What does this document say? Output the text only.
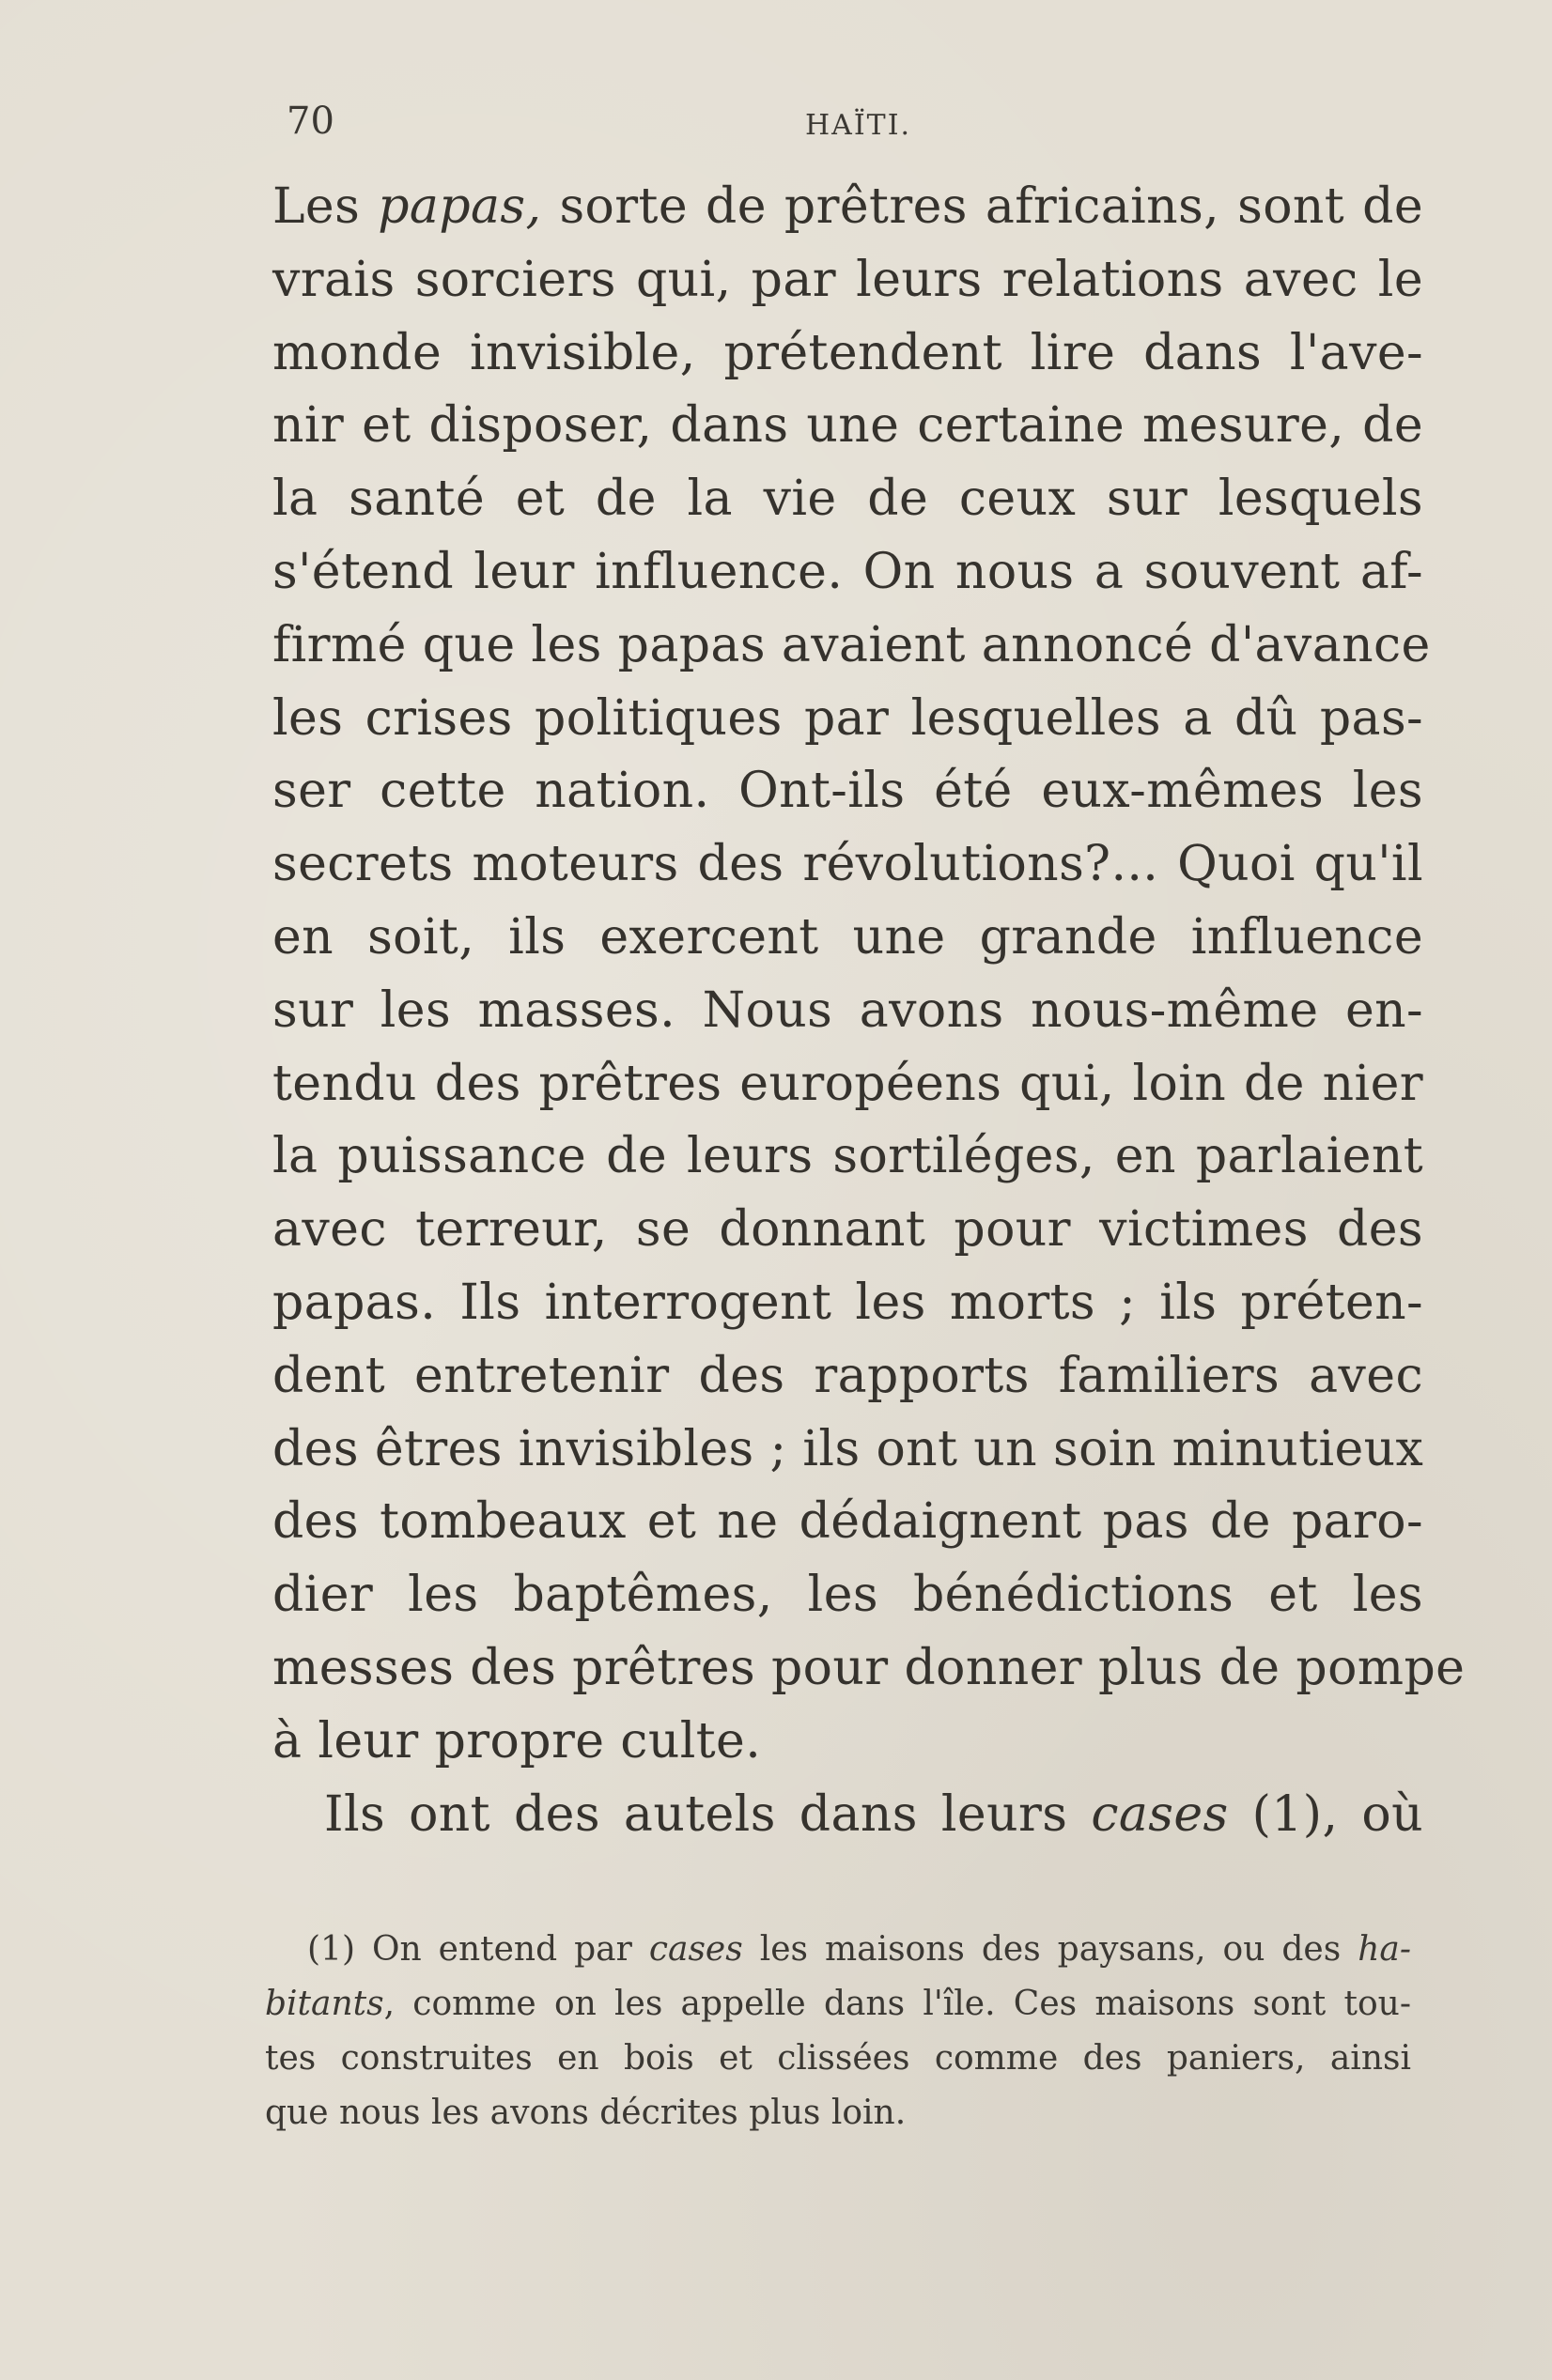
70	HAÏTI.
Les papas, sorte de prêtres africains, sont de
vrais sorciers qui, par leurs relations avec le
monde invisible, prétendent lire dans l'ave-
nir et disposer, dans une certaine mesure, de
la santé et de la vie de ceux sur lesquels
s'étend leur influence. On nous a souvent af-
firmé que les papas avaient annoncé d'avance
les crises politiques par lesquelles a dû pas-
ser cette nation. Ont-ils été eux-mêmes les
secrets moteurs des révolutions?... Quoi qu'il
en soit, ils exercent une grande influence
sur les masses. Nous avons nous-même en-
tendu des prêtres européens qui, loin de nier
la puissance de leurs sortiléges, en parlaient
avec terreur, se donnant pour victimes des
papas. Ils interrogent les morts ; ils préten-
dent entretenir des rapports familiers avec
des êtres invisibles ; ils ont un soin minutieux
des tombeaux et ne dédaignent pas de paro-
dier les baptêmes, les bénédictions et les
messes des prêtres pour donner plus de pompe
à leur propre culte.
Ils ont des autels dans leurs cases (1), où
(1) On entend par cases les maisons des paysans, ou des ha-
bitants, comme on les appelle dans l'île. Ces maisons sont tou-
tes construites en bois et clissées comme des paniers, ainsi
que nous les avons décrites plus loin.
